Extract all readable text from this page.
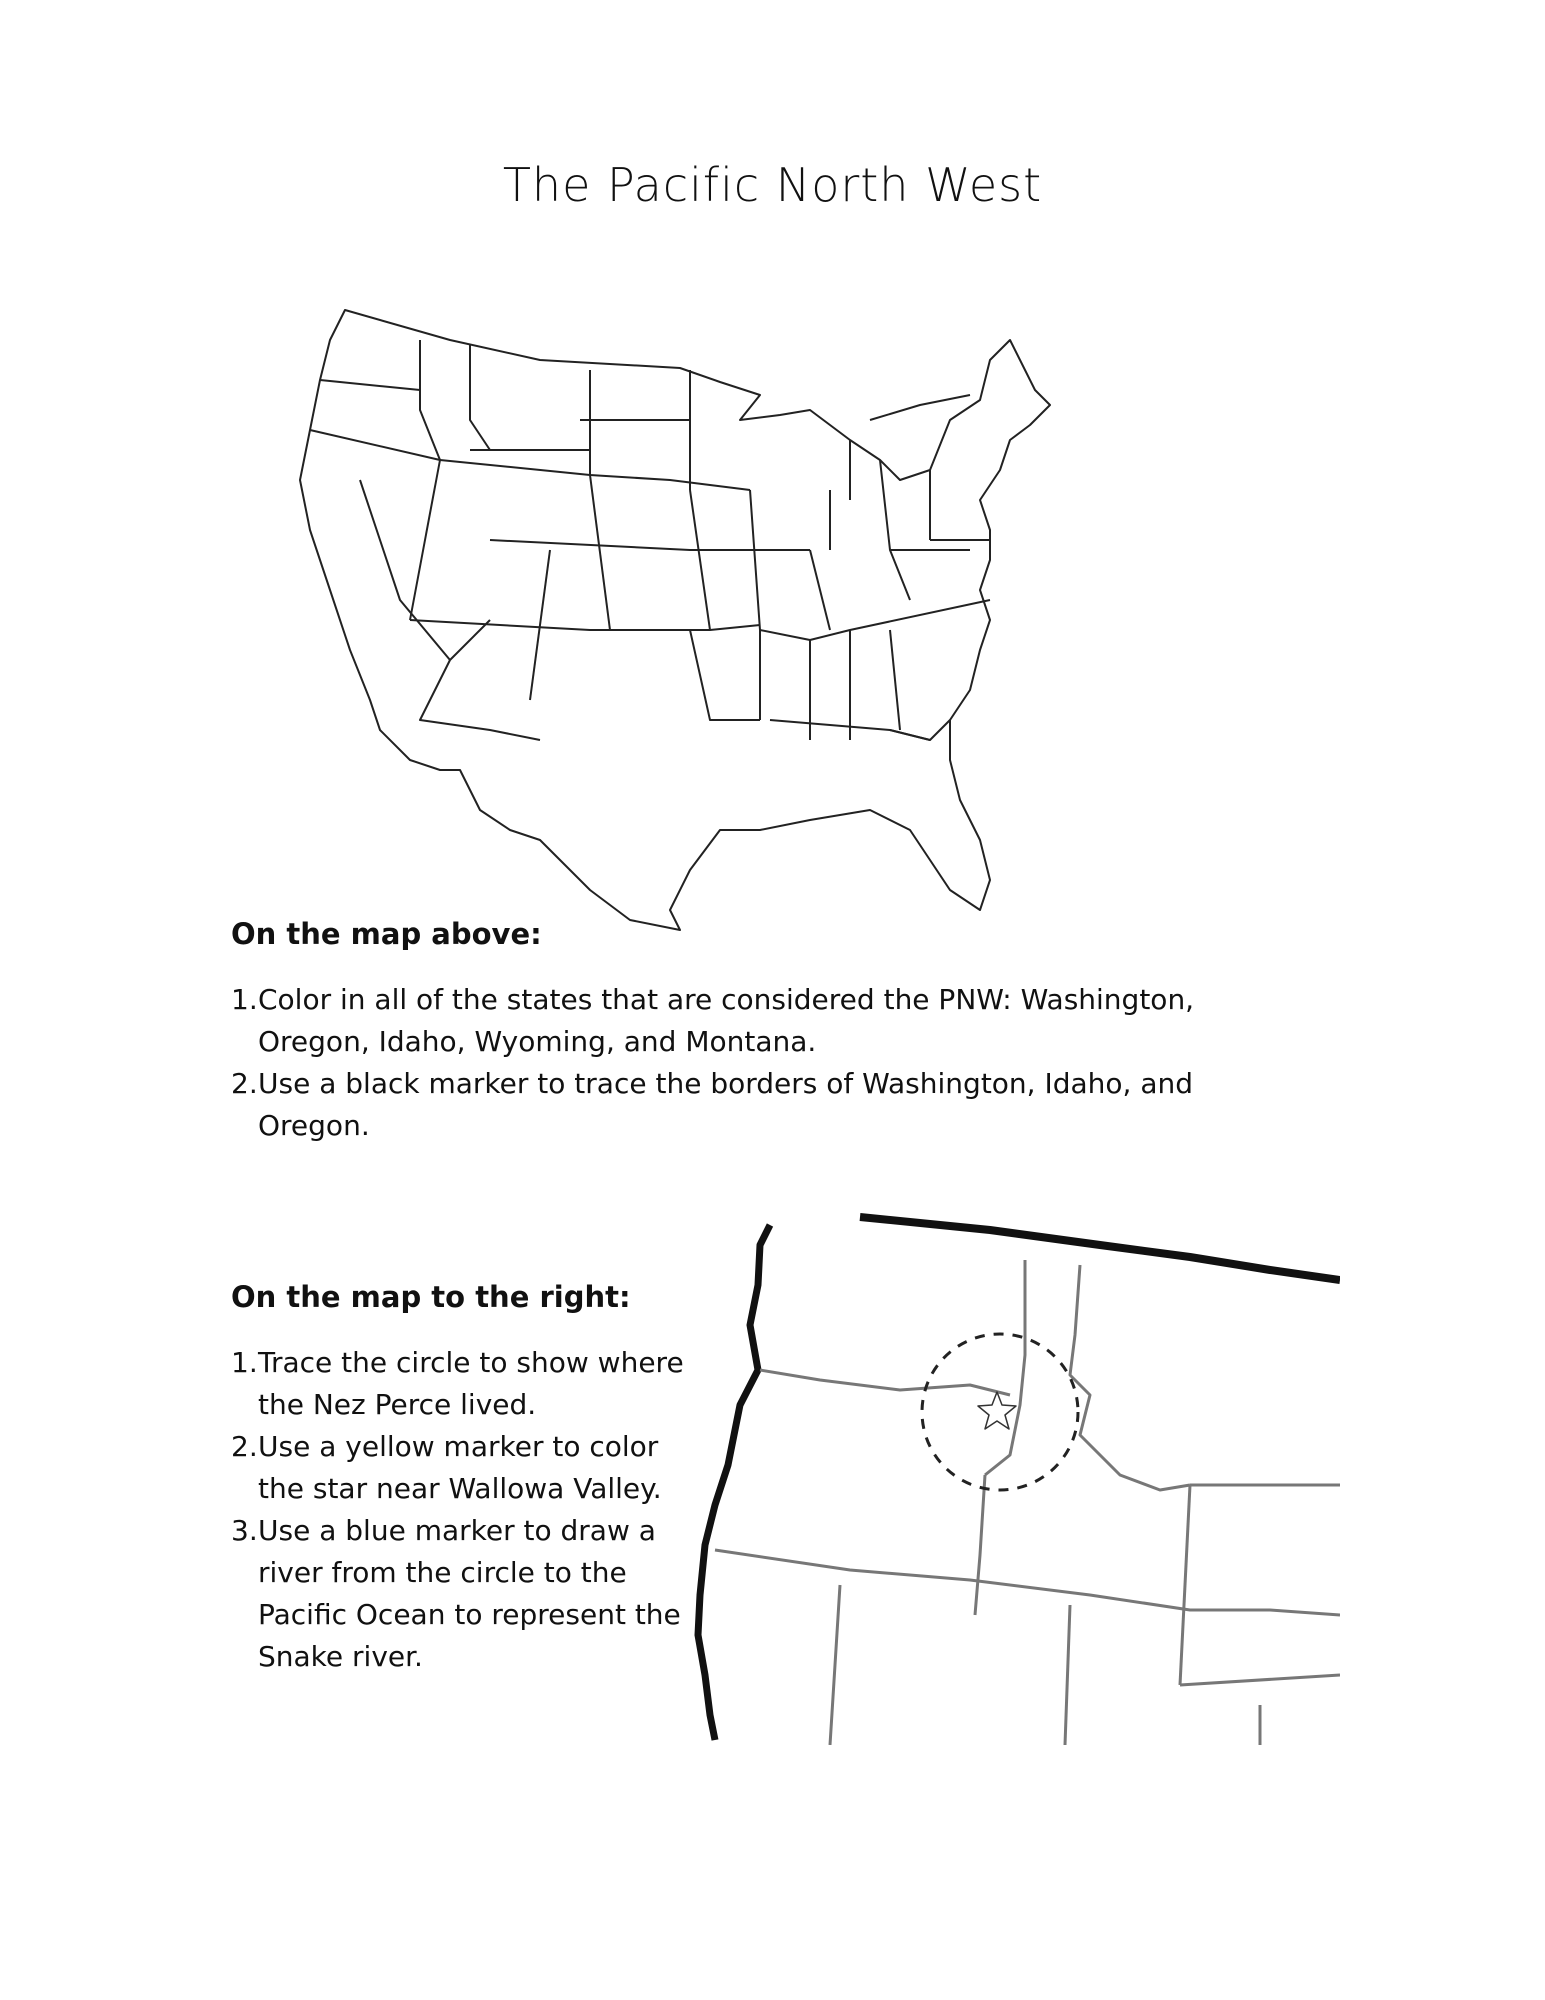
The Pacific North West
On the map above:
1. Color in all of the states that are considered the PNW: Washington, Oregon, Idaho, Wyoming, and Montana.
2. Use a black marker to trace the borders of Washington, Idaho, and Oregon.
On the map to the right:
1. Trace the circle to show where the Nez Perce lived.
2. Use a yellow marker to color the star near Wallowa Valley.
3. Use a blue marker to draw a river from the circle to the Pacific Ocean to represent the Snake river.
